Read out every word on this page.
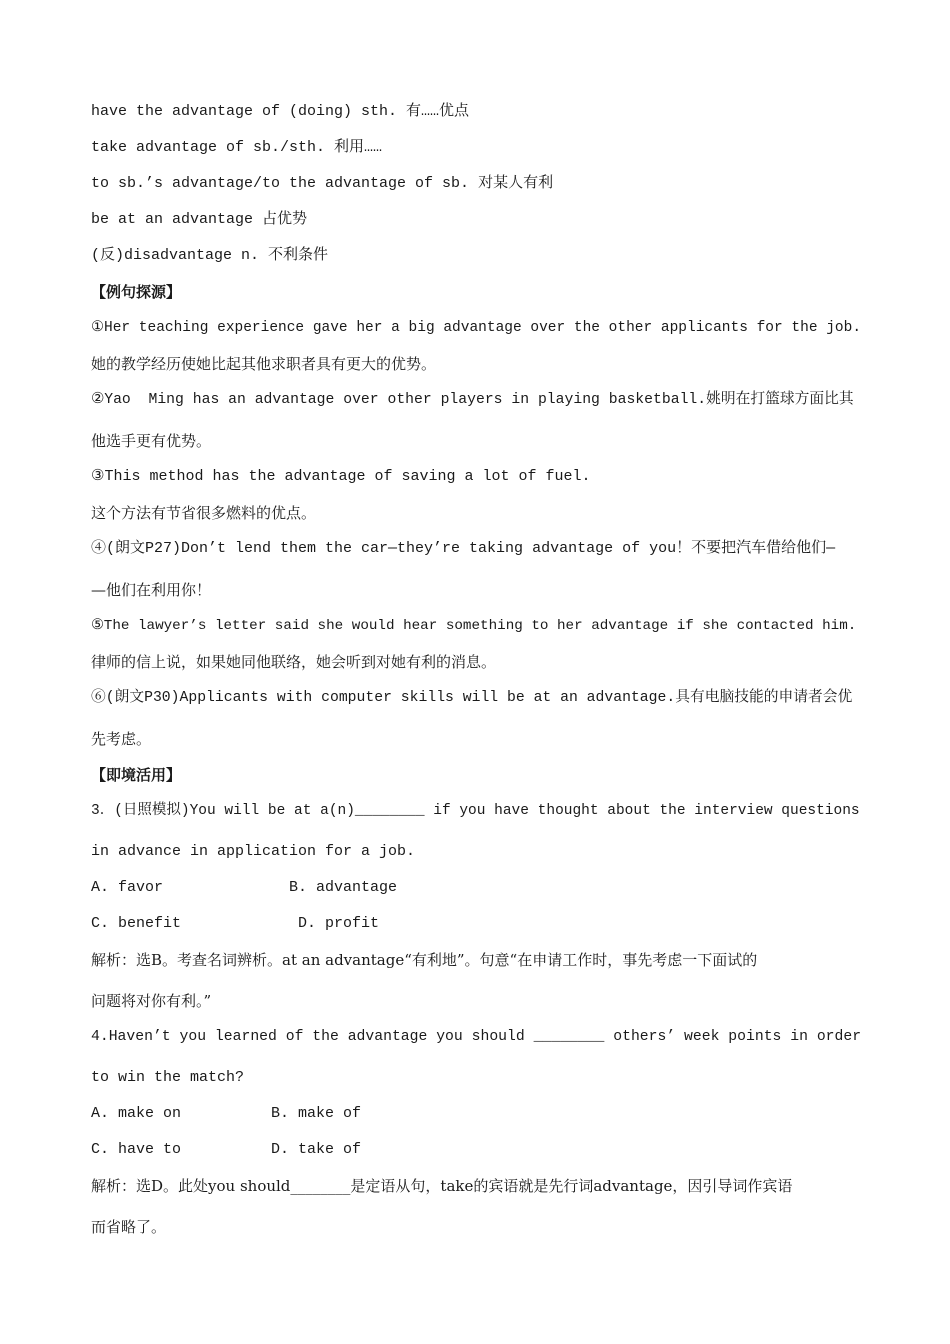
have the advantage of (doing) sth. 有……优点
take advantage of sb./sth. 利用……
to sb.’s advantage/to the advantage of sb. 对某人有利
be at an advantage 占优势
(反)disadvantage n. 不利条件
【例句探源】
①Her teaching experience gave her a big advantage over the other applicants for the job.
她的教学经历使她比起其他求职者具有更大的优势。
②Yao  Ming has an advantage over other players in playing basketball.姚明在打篮球方面比其
他选手更有优势。
③This method has the advantage of saving a lot of fuel.
这个方法有节省很多燃料的优点。
④(朗文P27)Don’t lend them the car—they’re taking advantage of you！不要把汽车借给他们—
—他们在利用你！
⑤The lawyer’s letter said she would hear something to her advantage if she contacted him.
律师的信上说，如果她同他联络，她会听到对她有利的消息。
⑥(朗文P30)Applicants with computer skills will be at an advantage.具有电脑技能的申请者会优
先考虑。
【即境活用】
3．(日照模拟)You will be at a(n)________ if you have thought about the interview questions
in advance in application for a job.
A. favor              B. advantage
C. benefit             D. profit
解析：选B。考查名词辨析。at an advantage“有利地”。句意“在申请工作时，事先考虑一下面试的
问题将对你有利。”
4.Haven’t you learned of the advantage you should ________ others’ week points in order
to win the match?
A. make on          B. make of
C. have to          D. take of
解析：选D。此处you should________是定语从句，take的宾语就是先行词advantage，因引导词作宾语
而省略了。
